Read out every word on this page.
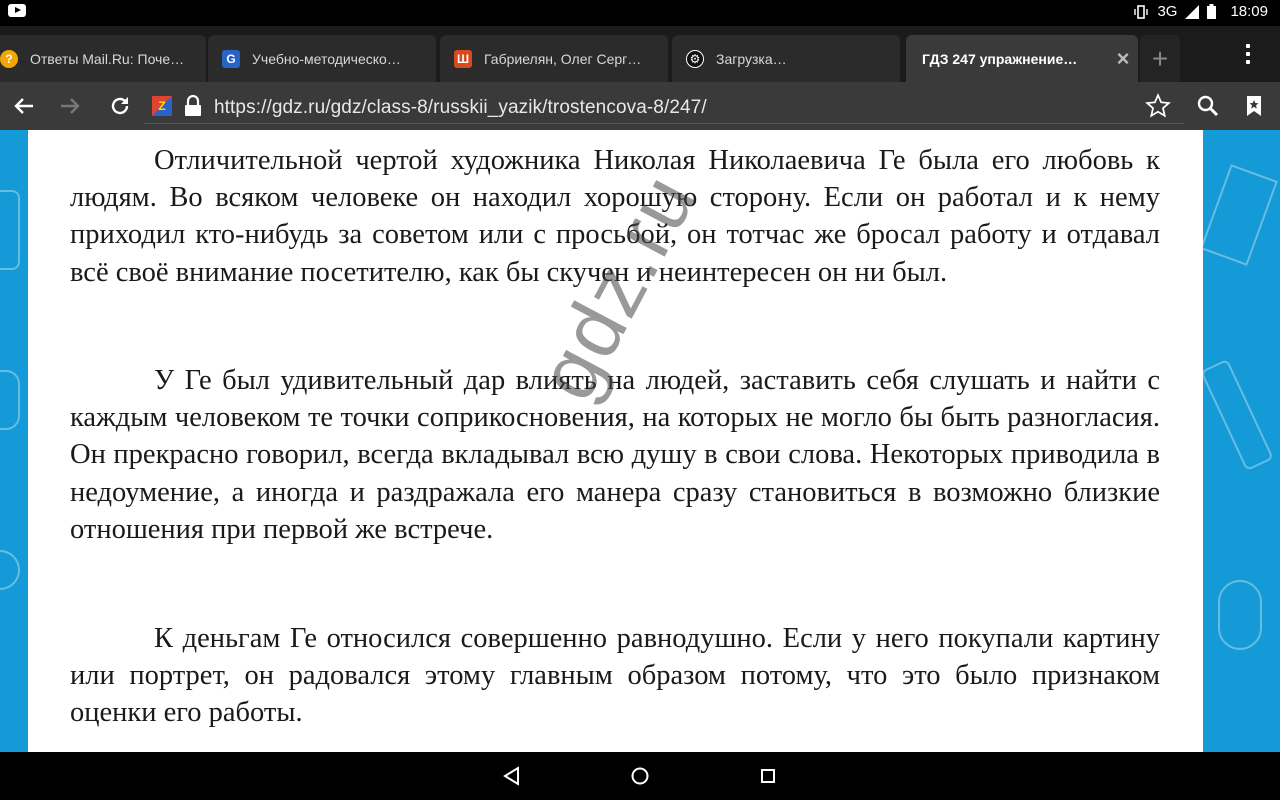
3G	18:09
?	Ответы Mail.Ru: Поче…	G	Учебно-методическо…	Ш Габриелян, Олег Серг…	⚙ Загрузка…	ГДЗ 247 упражнение…	× +
Z	https://gdz.ru/gdz/class-8/russkii_yazik/trostencova-8/247/

Отличительной чертой художника Николая Николаевича Ге была его любовь к людям. Во всяком человеке он находил хорошую сторону. Если он работал и к нему приходил кто-нибудь за советом или с просьбой, он тотчас же бросал работу и отдавал всё своё внимание посетителю, как бы скучен и неинтересен он ни был.

У Ге был удивительный дар влиять на людей, заставить себя слушать и найти с каждым человеком те точки соприкосновения, на которых не могло бы быть разногласия. Он прекрасно говорил, всегда вкладывал всю душу в свои слова. Некоторых приводила в недоумение, а иногда и раздражала его манера сразу становиться в возможно близкие отношения при первой же встрече.

К деньгам Ге относился совершенно равнодушно. Если у него покупали картину или портрет, он радовался этому главным образом потому, что это было признаком оценки его работы.

gdz.ru
